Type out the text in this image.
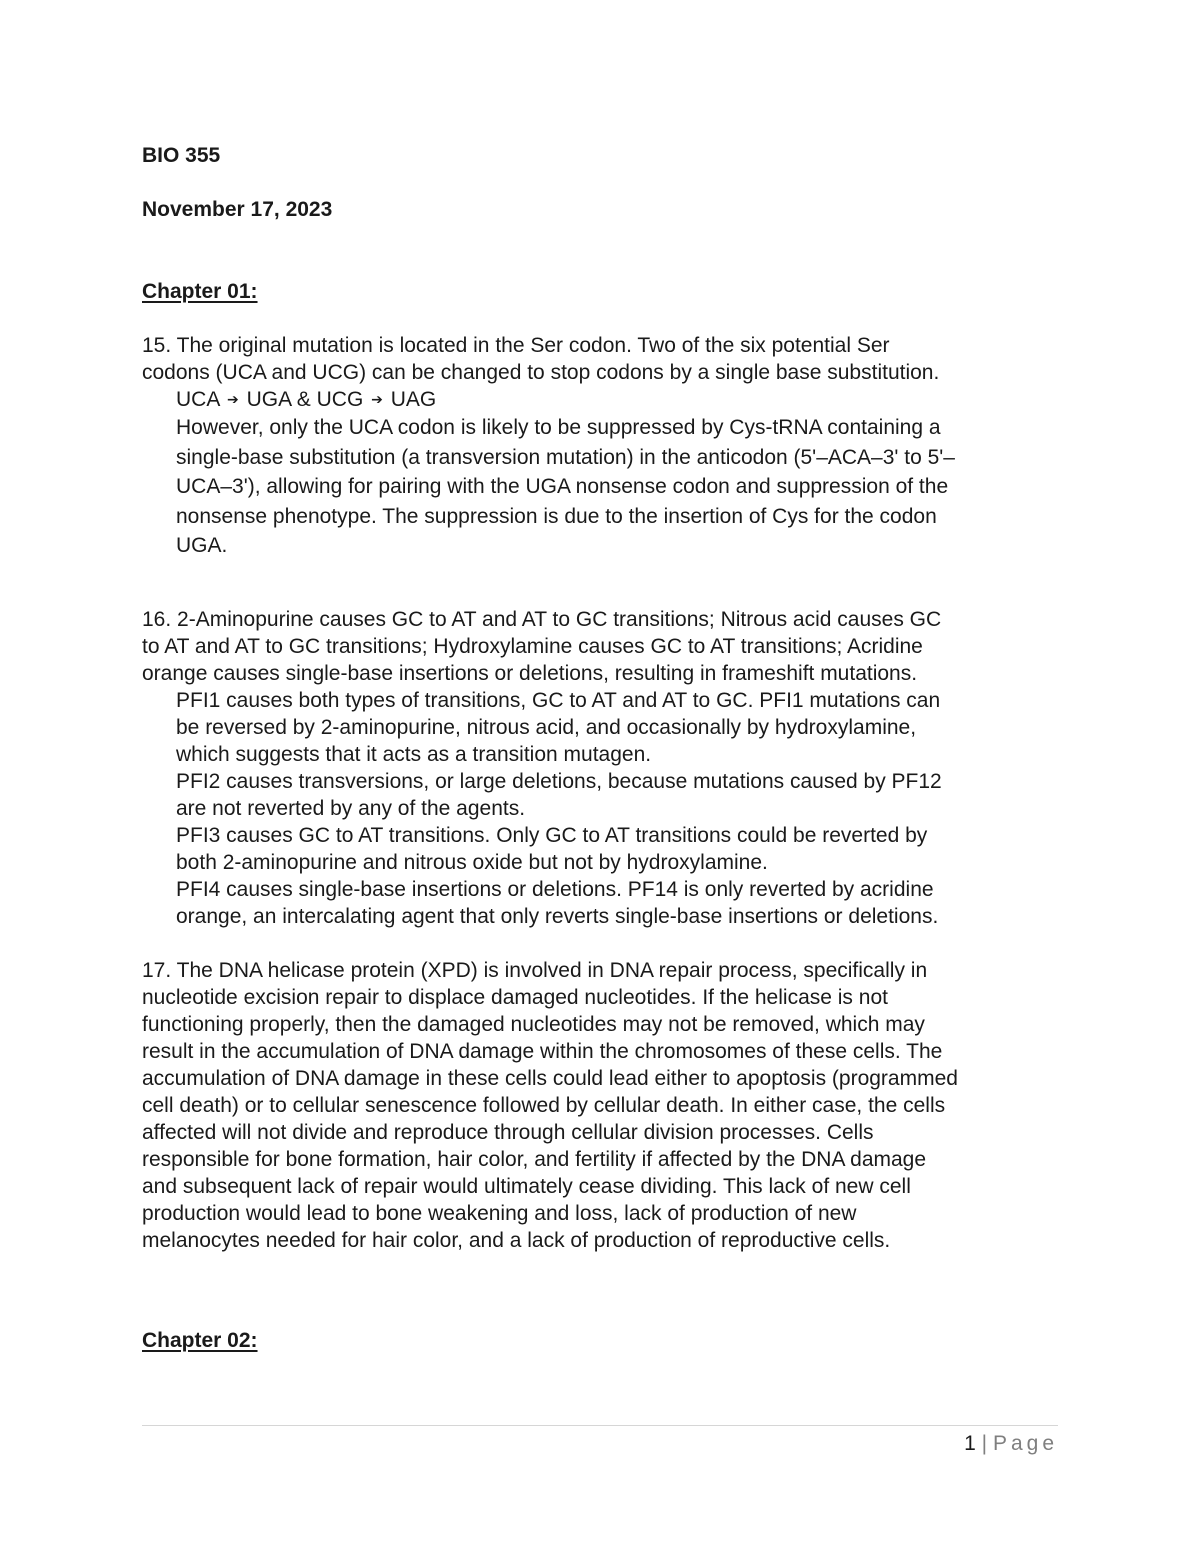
BIO 355
November 17, 2023
Chapter 01:
15. The original mutation is located in the Ser codon. Two of the six potential Ser
codons (UCA and UCG) can be changed to stop codons by a single base substitution.
UCA ➔ UGA & UCG ➔ UAG
However, only the UCA codon is likely to be suppressed by Cys-tRNA containing a
single-base substitution (a transversion mutation) in the anticodon (5'–ACA–3' to 5'–
UCA–3'), allowing for pairing with the UGA nonsense codon and suppression of the
nonsense phenotype. The suppression is due to the insertion of Cys for the codon
UGA.
16. 2-Aminopurine causes GC to AT and AT to GC transitions; Nitrous acid causes GC
to AT and AT to GC transitions; Hydroxylamine causes GC to AT transitions; Acridine
orange causes single-base insertions or deletions, resulting in frameshift mutations.
PFI1 causes both types of transitions, GC to AT and AT to GC. PFI1 mutations can
be reversed by 2-aminopurine, nitrous acid, and occasionally by hydroxylamine,
which suggests that it acts as a transition mutagen.
PFI2 causes transversions, or large deletions, because mutations caused by PF12
are not reverted by any of the agents.
PFI3 causes GC to AT transitions. Only GC to AT transitions could be reverted by
both 2-aminopurine and nitrous oxide but not by hydroxylamine.
PFI4 causes single-base insertions or deletions. PF14 is only reverted by acridine
orange, an intercalating agent that only reverts single-base insertions or deletions.
17. The DNA helicase protein (XPD) is involved in DNA repair process, specifically in
nucleotide excision repair to displace damaged nucleotides. If the helicase is not
functioning properly, then the damaged nucleotides may not be removed, which may
result in the accumulation of DNA damage within the chromosomes of these cells. The
accumulation of DNA damage in these cells could lead either to apoptosis (programmed
cell death) or to cellular senescence followed by cellular death. In either case, the cells
affected will not divide and reproduce through cellular division processes. Cells
responsible for bone formation, hair color, and fertility if affected by the DNA damage
and subsequent lack of repair would ultimately cease dividing. This lack of new cell
production would lead to bone weakening and loss, lack of production of new
melanocytes needed for hair color, and a lack of production of reproductive cells.
Chapter 02:
1 | Page
